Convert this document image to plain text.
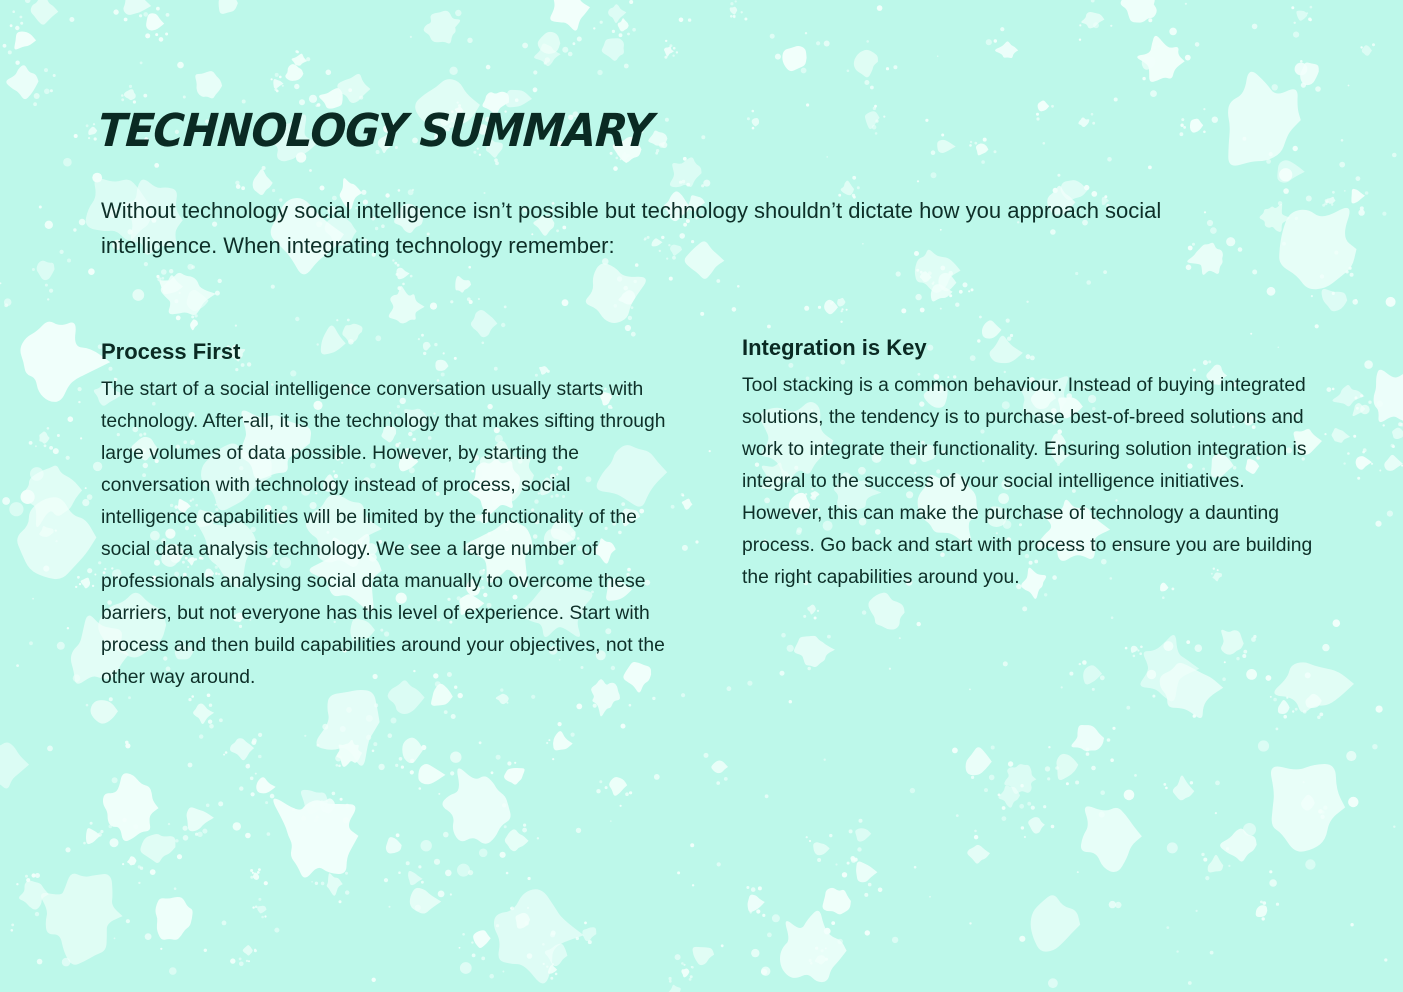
TECHNOLOGY SUMMARY

Without technology social intelligence isn’t possible but technology shouldn’t dictate how you approach social intelligence. When integrating technology remember:

Process First

The start of a social intelligence conversation usually starts with technology. After-all, it is the technology that makes sifting through large volumes of data possible. However, by starting the conversation with technology instead of process, social intelligence capabilities will be limited by the functionality of the social data analysis technology. We see a large number of professionals analysing social data manually to overcome these barriers, but not everyone has this level of experience. Start with process and then build capabilities around your objectives, not the other way around.

Integration is Key

Tool stacking is a common behaviour. Instead of buying integrated solutions, the tendency is to purchase best-of-breed solutions and work to integrate their functionality. Ensuring solution integration is integral to the success of your social intelligence initiatives. However, this can make the purchase of technology a daunting process. Go back and start with process to ensure you are building the right capabilities around you.
